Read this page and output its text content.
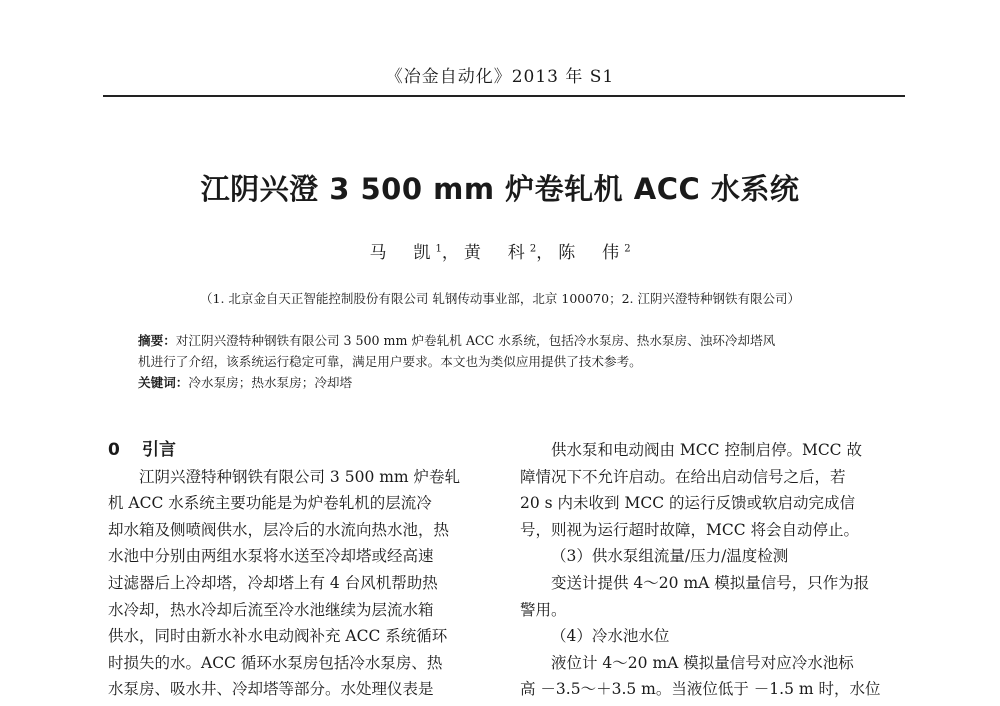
《冶金自动化》2013 年 S1
江阴兴澄 3 500 mm 炉卷轧机 ACC 水系统
马　凯$^1$，黄　科$^2$，陈　伟$^2$
（1. 北京金自天正智能控制股份有限公司 轧钢传动事业部，北京 100070；2. 江阴兴澄特种钢铁有限公司）
摘要：对江阴兴澄特种钢铁有限公司 3 500 mm 炉卷轧机 ACC 水系统，包括冷水泵房、热水泵房、浊环冷却塔风
机进行了介绍，该系统运行稳定可靠，满足用户要求。本文也为类似应用提供了技术参考。
关键词：冷水泵房；热水泵房；冷却塔
0 引言
江阴兴澄特种钢铁有限公司 3 500 mm 炉卷轧
机 ACC 水系统主要功能是为炉卷轧机的层流冷
却水箱及侧喷阀供水，层冷后的水流向热水池，热
水池中分别由两组水泵将水送至冷却塔或经高速
过滤器后上冷却塔，冷却塔上有 4 台风机帮助热
水冷却，热水冷却后流至冷水池继续为层流水箱
供水，同时由新水补水电动阀补充 ACC 系统循环
时损失的水。ACC 循环水泵房包括冷水泵房、热
水泵房、吸水井、冷却塔等部分。水处理仪表是
供水泵和电动阀由 MCC 控制启停。MCC 故
障情况下不允许启动。在给出启动信号之后，若
20 s 内未收到 MCC 的运行反馈或软启动完成信
号，则视为运行超时故障，MCC 将会自动停止。
（3）供水泵组流量/压力/温度检测
变送计提供 4～20 mA 模拟量信号，只作为报
警用。
（4）冷水池水位
液位计 4～20 mA 模拟量信号对应冷水池标
高 －3.5～＋3.5 m。当液位低于 －1.5 m 时，水位
